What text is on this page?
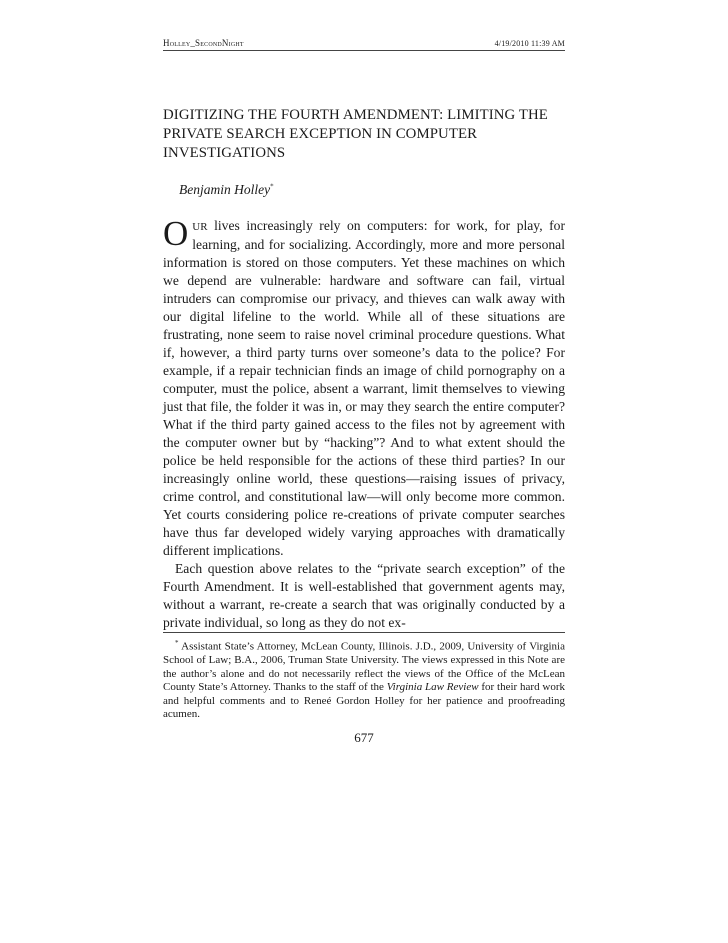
Holley_SecondNight	4/19/2010 11:39 AM
DIGITIZING THE FOURTH AMENDMENT: LIMITING THE PRIVATE SEARCH EXCEPTION IN COMPUTER INVESTIGATIONS
Benjamin Holley*

OUR lives increasingly rely on computers: for work, for play, for learning, and for socializing. Accordingly, more and more personal information is stored on those computers. Yet these machines on which we depend are vulnerable: hardware and software can fail, virtual intruders can compromise our privacy, and thieves can walk away with our digital lifeline to the world. While all of these situations are frustrating, none seem to raise novel criminal procedure questions. What if, however, a third party turns over someone’s data to the police? For example, if a repair technician finds an image of child pornography on a computer, must the police, absent a warrant, limit themselves to viewing just that file, the folder it was in, or may they search the entire computer? What if the third party gained access to the files not by agreement with the computer owner but by “hacking”? And to what extent should the police be held responsible for the actions of these third parties? In our increasingly online world, these questions—raising issues of privacy, crime control, and constitutional law—will only become more common. Yet courts considering police re-creations of private computer searches have thus far developed widely varying approaches with dramatically different implications.

Each question above relates to the “private search exception” of the Fourth Amendment. It is well-established that government agents may, without a warrant, re-create a search that was originally conducted by a private individual, so long as they do not ex-

* Assistant State’s Attorney, McLean County, Illinois. J.D., 2009, University of Virginia School of Law; B.A., 2006, Truman State University. The views expressed in this Note are the author’s alone and do not necessarily reflect the views of the Office of the McLean County State’s Attorney. Thanks to the staff of the Virginia Law Review for their hard work and helpful comments and to Reneé Gordon Holley for her patience and proofreading acumen.

677
